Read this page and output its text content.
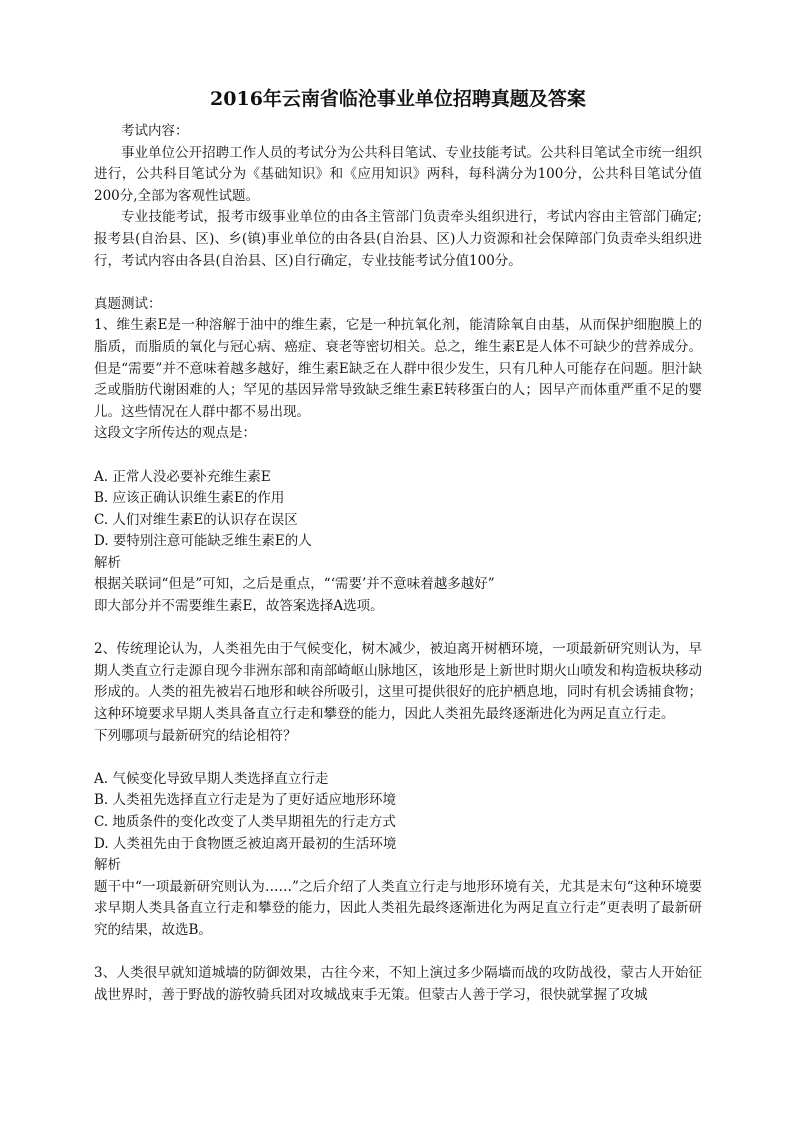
2016年云南省临沧事业单位招聘真题及答案

考试内容：

事业单位公开招聘工作人员的考试分为公共科目笔试、专业技能考试。公共科目笔试全市统一组织进行，公共科目笔试分为《基础知识》和《应用知识》两科，每科满分为100分，公共科目笔试分值200分,全部为客观性试题。

专业技能考试，报考市级事业单位的由各主管部门负责牵头组织进行，考试内容由主管部门确定;报考县(自治县、区)、乡(镇)事业单位的由各县(自治县、区)人力资源和社会保障部门负责牵头组织进行，考试内容由各县(自治县、区)自行确定，专业技能考试分值100分。

真题测试：

1、维生素E是一种溶解于油中的维生素，它是一种抗氧化剂，能清除氧自由基，从而保护细胞膜上的脂质，而脂质的氧化与冠心病、癌症、衰老等密切相关。总之，维生素E是人体不可缺少的营养成分。但是“需要”并不意味着越多越好，维生素E缺乏在人群中很少发生，只有几种人可能存在问题。胆汁缺乏或脂肪代谢困难的人；罕见的基因异常导致缺乏维生素E转移蛋白的人；因早产而体重严重不足的婴儿。这些情况在人群中都不易出现。

这段文字所传达的观点是：

A. 正常人没必要补充维生素E

B. 应该正确认识维生素E的作用

C. 人们对维生素E的认识存在误区

D. 要特别注意可能缺乏维生素E的人

解析

根据关联词“但是”可知，之后是重点，“‘需要’并不意味着越多越好”

即大部分并不需要维生素E，故答案选择A选项。

2、传统理论认为，人类祖先由于气候变化，树木减少，被迫离开树栖环境，一项最新研究则认为，早期人类直立行走源自现今非洲东部和南部崎岖山脉地区，该地形是上新世时期火山喷发和构造板块移动形成的。人类的祖先被岩石地形和峡谷所吸引，这里可提供很好的庇护栖息地，同时有机会诱捕食物；这种环境要求早期人类具备直立行走和攀登的能力，因此人类祖先最终逐渐进化为两足直立行走。

下列哪项与最新研究的结论相符？

A. 气候变化导致早期人类选择直立行走

B. 人类祖先选择直立行走是为了更好适应地形环境

C. 地质条件的变化改变了人类早期祖先的行走方式

D. 人类祖先由于食物匮乏被迫离开最初的生活环境

解析

题干中“一项最新研究则认为……”之后介绍了人类直立行走与地形环境有关，尤其是末句“这种环境要求早期人类具备直立行走和攀登的能力，因此人类祖先最终逐渐进化为两足直立行走”更表明了最新研究的结果，故选B。

3、人类很早就知道城墙的防御效果，古往今来，不知上演过多少隔墙而战的攻防战役，蒙古人开始征战世界时，善于野战的游牧骑兵团对攻城战束手无策。但蒙古人善于学习，很快就掌握了攻城
